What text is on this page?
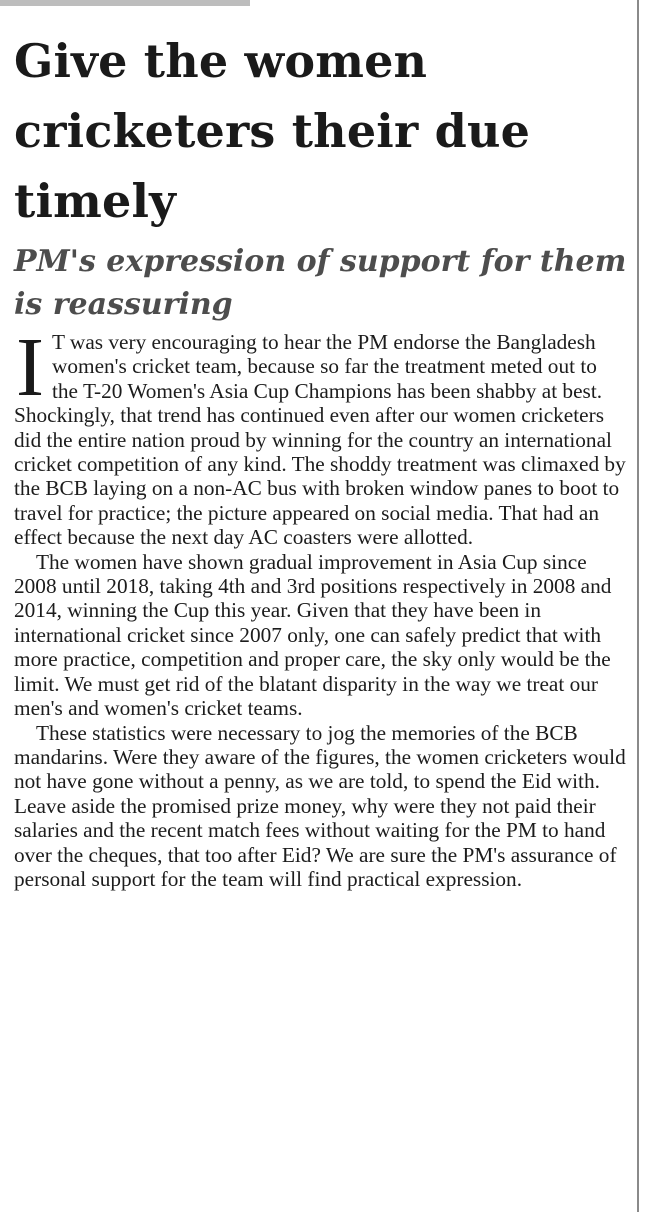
Give the women cricketers their due timely
PM's expression of support for them is reassuring

I T was very encouraging to hear the PM endorse the Bangladesh women's cricket team, because so far the treatment meted out to the T-20 Women's Asia Cup Champions has been shabby at best. Shockingly, that trend has continued even after our women cricketers did the entire nation proud by winning for the country an international cricket competition of any kind. The shoddy treatment was climaxed by the BCB laying on a non-AC bus with broken window panes to boot to travel for practice; the picture appeared on social media. That had an effect because the next day AC coasters were allotted.

The women have shown gradual improvement in Asia Cup since 2008 until 2018, taking 4th and 3rd positions respectively in 2008 and 2014, winning the Cup this year. Given that they have been in international cricket since 2007 only, one can safely predict that with more practice, competition and proper care, the sky only would be the limit. We must get rid of the blatant disparity in the way we treat our men's and women's cricket teams.

These statistics were necessary to jog the memories of the BCB mandarins. Were they aware of the figures, the women cricketers would not have gone without a penny, as we are told, to spend the Eid with. Leave aside the promised prize money, why were they not paid their salaries and the recent match fees without waiting for the PM to hand over the cheques, that too after Eid? We are sure the PM's assurance of personal support for the team will find practical expression.
